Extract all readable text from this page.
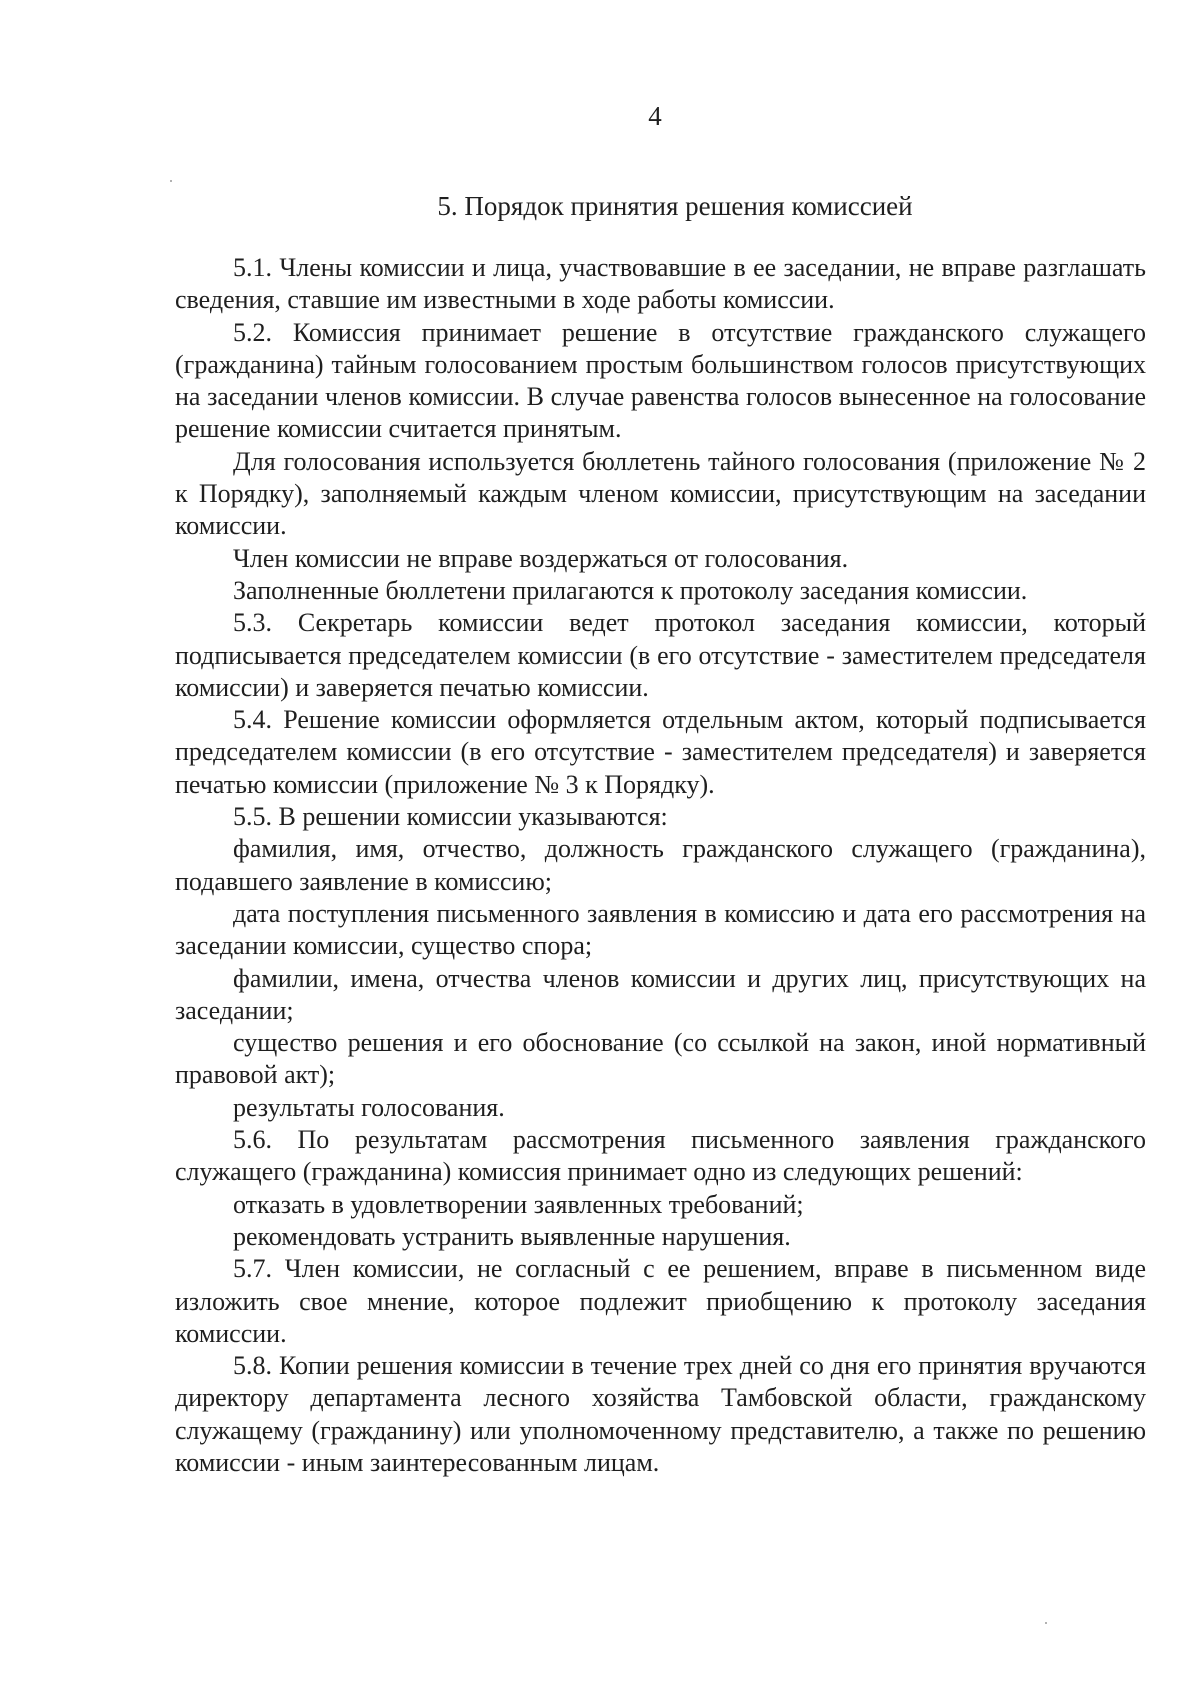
4
5. Порядок принятия решения комиссией

5.1. Члены комиссии и лица, участвовавшие в ее заседании, не вправе разглашать сведения, ставшие им известными в ходе работы комиссии.

5.2. Комиссия принимает решение в отсутствие гражданского служащего (гражданина) тайным голосованием простым большинством голосов присутствующих на заседании членов комиссии. В случае равенства голосов вынесенное на голосование решение комиссии считается принятым.

Для голосования используется бюллетень тайного голосования (приложение № 2 к Порядку), заполняемый каждым членом комиссии, присутствующим на заседании комиссии.

Член комиссии не вправе воздержаться от голосования.

Заполненные бюллетени прилагаются к протоколу заседания комиссии.

5.3. Секретарь комиссии ведет протокол заседания комиссии, который подписывается председателем комиссии (в его отсутствие - заместителем председателя комиссии) и заверяется печатью комиссии.

5.4. Решение комиссии оформляется отдельным актом, который подписывается председателем комиссии (в его отсутствие - заместителем председателя) и заверяется печатью комиссии (приложение № 3 к Порядку).

5.5. В решении комиссии указываются:

фамилия, имя, отчество, должность гражданского служащего (гражданина), подавшего заявление в комиссию;

дата поступления письменного заявления в комиссию и дата его рассмотрения на заседании комиссии, существо спора;

фамилии, имена, отчества членов комиссии и других лиц, присутствующих на заседании;

существо решения и его обоснование (со ссылкой на закон, иной нормативный правовой акт);

результаты голосования.

5.6. По результатам рассмотрения письменного заявления гражданского служащего (гражданина) комиссия принимает одно из следующих решений:

отказать в удовлетворении заявленных требований;

рекомендовать устранить выявленные нарушения.

5.7. Член комиссии, не согласный с ее решением, вправе в письменном виде изложить свое мнение, которое подлежит приобщению к протоколу заседания комиссии.

5.8. Копии решения комиссии в течение трех дней со дня его принятия вручаются директору департамента лесного хозяйства Тамбовской области, гражданскому служащему (гражданину) или уполномоченному представителю, а также по решению комиссии - иным заинтересованным лицам.
